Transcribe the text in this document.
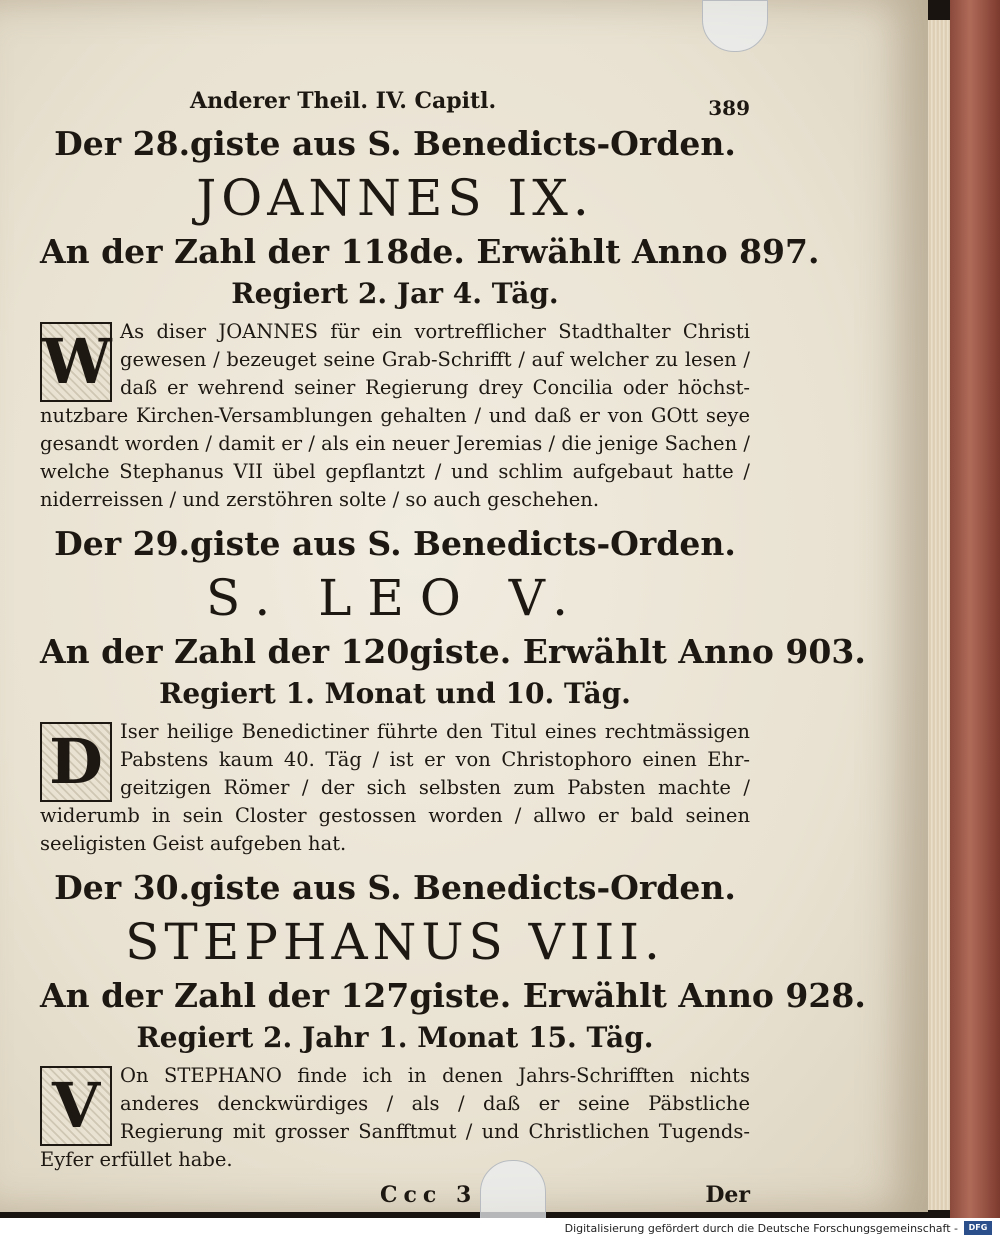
Anderer Theil. IV. Capitl.	389
Der 28.giste aus S. Benedicts-Orden.
JOANNES IX.
An der Zahl der 118de. Erwählt Anno 897.
Regiert 2. Jar 4. Täg.

W As diser JOANNES für ein vortrefflicher Stadthalter Christi gewesen / bezeuget seine Grab-Schrifft / auf welcher zu lesen / daß er wehrend seiner Regierung drey Concilia oder höchst-nutzbare Kirchen-Versamblungen gehalten / und daß er von GOtt seye gesandt worden / damit er / als ein neuer Jeremias / die jenige Sachen / welche Stephanus VII übel gepflantzt / und schlim aufgebaut hatte / niderreissen / und zerstöhren solte / so auch geschehen.

Der 29.giste aus S. Benedicts-Orden.
S. LEO V.
An der Zahl der 120giste. Erwählt Anno 903.
Regiert 1. Monat und 10. Täg.

D Iser heilige Benedictiner führte den Titul eines rechtmässigen Pabstens kaum 40. Täg / ist er von Christophoro einen Ehr-geitzigen Römer / der sich selbsten zum Pabsten machte / widerumb in sein Closter gestossen worden / allwo er bald seinen seeligisten Geist aufgeben hat.

Der 30.giste aus S. Benedicts-Orden.
STEPHANUS VIII.
An der Zahl der 127giste. Erwählt Anno 928.
Regiert 2. Jahr 1. Monat 15. Täg.

V	On STEPHANO finde ich in denen Jahrs-Schrifften nichts anderes denckwürdiges / als / daß er seine Päbstliche Regierung mit grosser Sanfftmut / und Christlichen Tugends-Eyfer erfüllet habe.

Ccc 3	Der
Digitalisierung gefördert durch die Deutsche Forschungsgemeinschaft -	DFG
